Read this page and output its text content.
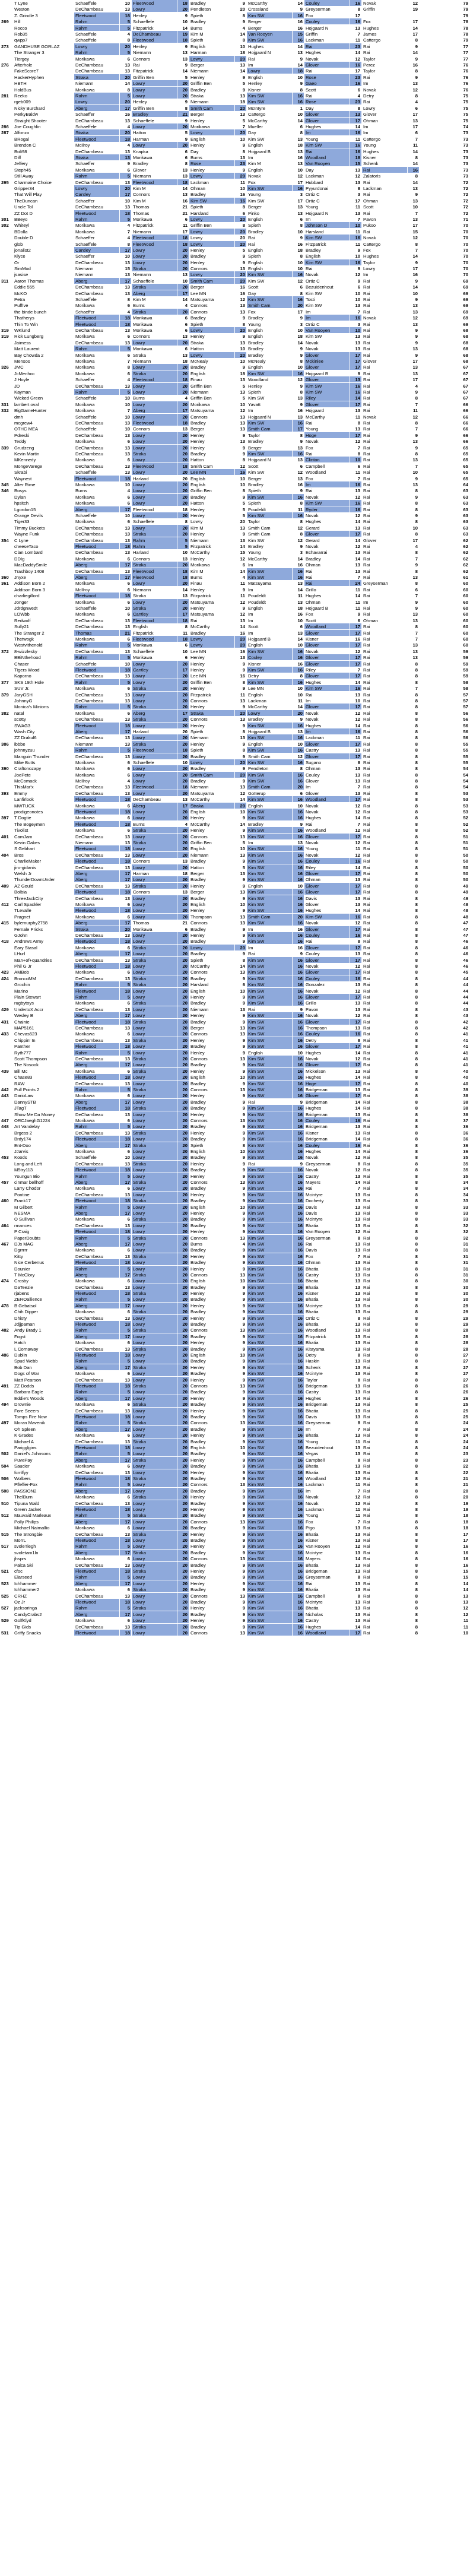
T Lyne	Schaeffele	10 Fleetwood	18 Bradley	9 McCarthy	14 Couley	16 Novak	12	79
Weston	DeChambeau	13 Lowry	20 Pendleton	20 Crossland	9 Greyserman	8 Griffin	19	79
Z. Grindle 3	Fleetwood	18 Henley	9 Spieth	8 Kim SW	16 Fox	17	79
269	Hill	Rahm	5 Schaeffele	10 Bradley	9 Berger	16 Couley	16 Fox	17	78
Rocco	Rahm	5 Fitzpatrick	14 Burns	4 Berger	16 Hojgaard N	13 Hughes	14	78
Rob35	Schaeffele	4 DeChambeau	19 Kim M	14 Van Rooyen	15 Griffin	7 James	17	78
qwpp7	Schaeffele	8 Fleetwood	18 Spieth	8 Kim SW	16 Lackman	11 Cattergo	8	79
273	GANDHUSE GORLAZ	Lowry	20 Henley	9 English	10 Hughes	14 Rai	23 Rai	9	77
The Stranger 3	Rahm	5 Niemann	13 Harman	18 Hojgaard N	13 Hughes	14 Rai	14	77
Tiergey	Morikawa	6 Connors	13 Lowry	20 Rai	9 Novak	12 Taylor	9	77
276	Afterhole	DeChambeau	13 Rai	9 Berger	13 Im	14 Glover	16 Perez	16	76
FakeScore7	DeChambeau	13 Fitzpatrick	14 Niemann	14 Lowry	18 Rai	17 Taylor	8	76
HackerHyphen	Straka	20 Griffin Ben	5 Henley	9 English	10 Rose	23 Rai	9	76
HBTH	Niemann	14 Lowry	20 Griffin Ben	5 Henley	9 Gaeo	16 Im	13	76
HoldBus	Morikawa	8 Lowry	20 Bradley	9 Kisner	8 Scott	6 Novak	12	76
281	Reeko	Rahm	5 Lowry	20 Straka	13 Kim SW	16 Rai	4 Detry	8	75
rgeb009	Lowry	20 Henley	9 Niemann	18 Kim SW	16 Rose	23 Rai	4	75
Nicky Burchard	Aberg	17 Griffin Ben	8 Smith Cam	20 McIntyre	1 Day	8 Lowry	6	75
PerkyBaldw	Schaeffer	16 Bradley	21 Berger	13 Cattergo	10 Glover	13 Glover	17	75
Straight Shooter	DeChambeau	13 Schaeffele	9 Henley	5 McCarthy	14 Glover	17 Ohman	13	75
286	Joe Coughlin	Schaeffele	4 Lowry	20 Morikawa	7 Mueller	6 Hughes	14 Im	17	74
287	Alfonzo	Straka	20 Hatton	5 Lowry	20 Day	8 Im	16 Im	6	73
BRogal	Fleetwood	18 Harman	9 English	10 Kim SW	13 Young	11 Cattergo	7	73
Brendon C	McIlroy	4 Lowry	20 Henley	9 English	18 Kim SW	16 Young	11	73
Bolt98	DeChambeau	13 Knapka	6 Day	8 Hojgaard B	13 Rai	16 Hughes	14	73
Diff	Straka	13 Morikawa	6 Burns	13 Im	16 Woodland	18 Kisner	8	73
Jeffery	Schaeffer	9 Bradley	8 Rose	23 Kim M	13 Van Rooyen	15 Schenk	14	73
Steph45	Morikawa	6 Glover	13 Henley	9 English	10 Day	13 Rai	16	73
Still Away	Rahm	5 Niemann	13 Lowry	20 Novak	12 Lackman	12 Zalatoris	8	73
295	Charmaine Choice	DeChambeau	13 Fleetwood	18 Lackman	11 Fox	17 Hubbard	13 Rai	14	72
Gripper34	Lowry	20 Kim M	14 Ohman	10 Kim SW	16 Pyyurdonai	8 Lackman	13	72
That Will Play	Cantley	17 Connors	13 Bradley	16 Young	3 Ortiz C	3 Rai	9	72
TheDuncan	Schaeffer	10 Kim M	16 Kim SW	16 Kim SW	17 Ortiz C	17 Ohman	13	72
Uncle Tol	DeChambeau	13 Thomas	21 Spieth	8 Berger	13 Young	11 Scott	10	72
ZZ Dot D	Fleetwood	18 Thomas	21 Harsland	6 Pinko	13 Hojgaard N	13 Rai	7	72
301	BBeyo	Rahm	5 Morikawa	6 Lowry	20 English	6 Im	7 Pavon	13	71
302	Whiteyl	Morikawa	4 Fitzpatrick	11 Griffin Ben	8 Spieth	8 Johnson D	10 Pukso	17	70
BDolla	Morikawa	7 Niemann	17 Lowry	20 Bradley	10 Harsland	11 Rai	15	70
Double D	Schaeffer	4 Fleetwood	18 Lowry	20 Rai	9 Kim SW	16 Novak	12	70
glob	Schaeffele	8 Fleetwood	18 Lowry	20 Rai	16 Fitzpatrick	11 Cattergo	8	70
jonalist2	Cantley	17 Lowry	20 Henley	5 English	18 Bradley	9 Fox	7	70
Klyce	Schaeffer	10 Lowry	20 Bradley	9 Spieth	8 English	10 Hughes	14	70
Or	DeChambeau	13 Lowry	20 Henley	9 English	10 Kim SW	16 Taylor	9	70
SimMod	Niemann	15 Straka	20 Connors	13 English	10 Rai	9 Lowry	17	70
jsasise	Niemann	13 Niemann	13 Lowry	20 Kim SW	16 Novak	12 Im	16	70
311	Aaron Thomas	Aberg	17 Schaeffele	10 Smith Cam	20 Kim SW	12 Ortiz C	9 Rai	9	69
Eddie 555	DeChambeau	13 Straka	20 Berger	16 Scott	6 Bezuidenhout	6 Rai	14	69
McKO	DeChambeau	13 Aberg	17 Lee MN	16 Day	8 Kim SW	10 Rai	10	69
Petra	Schaeffele	8 Kim M	14 Matsuyama	12 Kim SW	16 Tosti	10 Rai	9	69
PuffIve	Morikawa	6 Burns	4 Connors	13 Smith Cam	20 Kim SW	13 Rai	13	69
the binde bunch	Schaeffer	4 Straka	20 Connors	13 Fox	17 Im	7 Rai	13	69
Thatherys	Fleetwood	18 Morikawa	6 Bradley	9 Bradley	9 Im	16 Novak	12	69
Thin To Win	Fleetwood	18 Morikawa	6 Spieth	8 Young	3 Ortiz C	3 Rai	13	69
319	WKlund	DeChambeau	13 Morikawa	6 Lowry	20 English	10 Van Rooyen	10 Rai	9	68
319	Rick Lungberg	Morikawa	6 Connors	13 Henley	9 English	18 Kim SW	13 Rai	9	68
Jaimess	DeChambeau	13 Lowry	20 Straka	13 Bradley	14 Novak	13 Rai	9	68
Matt Laurent	Rahm	5 Morikawa	6 Hatton	10 Bradley	9 Novak	13 Rai	13	68
Bay Chowda 2	Morikawa	6 Straka	13 Lowry	20 Bradley	9 Glover	17 Rai	9	68
Mensos	Morikawa	7 Niemann	18 McNealy	10 McNealy	8 Mckinlee	17 Glover	17	68
326	JMC	Morikawa	8 Lowry	20 Bradley	9 English	10 Glover	17 Rai	13	67
JcMenhoc	Morikawa	6 Straka	20 English	18 Kim SW	16 Hojgaard B	9 Rai	13	67
J Hoyle	Schaeffer	4 Fleetwood	18 Finau	13 Woodland	12 Glover	13 Rai	17	67
JD	DeChambeau	13 Lowry	20 Griffin Ben	5 Henley	9 Kim SW	16 Rai	4	67
Kayman	Rahm	5 Lowry	20 Niemann	13 Spieth	8 Kim SW	16 Rai	9	67
Wicked Green	Schaeffele	10 Burns	4 Griffin Ben	5 Kim SW	13 Riley	14 Rai	8	67
331	lambert oval	Morikawa	10 Lowry	20 Morikawa	10 Yavatt	9 Glover	17 Rai	7	66
332	BigGameHunter	Morikawa	7 Aberg	17 Matsuyama	12 Im	16 Hojgaard	13 Rai	11	66
dmh	Schaeffele	10 Lowry	20 Connors	13 Hojgaard N	13 McCarthy	11 Novak	12	66
mcgrew4	DeChambeau	13 Fleetwood	18 Bradley	13 Kim SW	16 Rai	8 Rai	8	66
OTHC MEA	Schaeffele	10 Connors	13 Berger	13 Smith Cam	17 Young	13 Rai	7	66
Pdreski	DeChambeau	13 Lowry	20 Henley	9 Taylor	8 Hoge	17 Rai	9	66
Teddy	Morikawa	6 Lowry	20 Henley	13 Bradley	9 Novak	12 Rai	13	66
339	Grudzeng	DeChambeau	13 Lowry	20 Henley	9 Berger	13 Fox	7 Rai	9	65
Kevin Martin	DeChambeau	13 Straka	20 Bradley	9 Kim SW	16 Rai	8 Rai	8	65
MKennedy	Morikawa	6 Lowry	20 Hatton	8 Hojgaard N	13 Clinton	10 Rai	13	65
MongeVarege	DeChambeau	13 Fleetwood	18 Smith Cam	12 Scott	6 Campbell	6 Rai	7	65
Skrabi	Schaeffele	13 Lowry	20 Lee MN	16 Kim SW	12 Woodland	11 Rai	10	65
Waynest	Fleetwood	18 Harland	20 English	10 Berger	13 Fox	7 Rai	9	65
345	Alter Rime	Morikawa	10 Lowry	20 English	10 Bradley	16 Im	16 Rai	13	64
346	Bosys	Burns	4 Lowry	20 Griffin Ben	8 Spieth	9 Rai	13 Rai	8	63
Dylan	Morikawa	6 Lowry	20 Bradley	9 Kim SW	16 Novak	12 Rai	9	63
hpsitch	Morikawa	6 Lowry	20 Hatton	5 Spieth	8 Kim SW	16 Rai	8	63
Lgordon15	Aberg	17 Fleetwood	18 Henley	5 Poudeldt	11 Ryder	16 Rai	8	63
Orange Devils	Schaeffele	10 Lowry	20 Henley	5 Kim SW	16 Novak	12 Rai	9	63
Tiger33	Morikawa	6 Schaeffele	8 Lowry	20 Taylor	8 Hughes	14 Rai	8	63
Timmy Buckets	DeChambeau	13 Lowry	20 Kim M	13 Smith Cam	12 Gerard	13 Rai	10	63
Wayne Funk	DeChambeau	13 Straka	20 Henley	9 Smith Cam	8 Glover	17 Rai	8	63
354	C Lyne	DeChambeau	13 Rahm	5 Niemann	13 Kim SW	12 Gerard	14 Glover	17	62
cheeseTaco	Fleetwood	18 Rahm	5 Fitzpatrick	14 Bradley	9 Novak	12 Rai	4	62
Clan Lombard	DeChambeau	13 Harland	10 McCarthy	15 Young	3 Echavarrai	13 Rai	8	62
DDIg	Morikawa	6 Connors	13 Henley	12 McCarthy	14 Bradley	14 Rai	7	62
MacDaddySmile	Aberg	17 Straka	20 Morikawa	6 Im	16 Ohman	13 Rai	9	62
Trashboy 1408	DeChambeau	13 Fleetwood	18 Kim M	14 Kim SW	16 Rai	13 Rai	8	62
360	Jnyxe	Aberg	17 Fleetwood	18 Burns	4 Kim SW	16 Rai	7 Rai	13	61
361	Addison Born 2	Morikawa	6 Lowry	20 Finau	11 Matsuyama	13 Rai	24 Greyserman	8	60
Addison Born 3	McIlroy	6 Niemann	14 Henley	9 Im	14 Grillo	11 Rai	6	60
charliegillord	Fleetwood	18 Straka	13 Fitzpatrick	11 Poudeldt	11 Hughes	14 Rai	7	60
Jonger	Morikawa	6 Lowry	20 Matsuyama	12 Poudeldt	13 Ohman	11 Im	9	60
Jdrdgnwedt	Schaeffele	10 Straka	20 Henley	9 English	18 Hojgaard B	11 Rai	9	60
LOWbb	Morikawa	6 Cantley	17 Matsuyama	12 Im	16 Fox	9 Rai	13	60
Redwolf	DeChambeau	13 Fleetwood	18 Rai	13 Im	10 Scott	6 Ohman	13	60
Sully21	DeChambeau	13 English	8 McCarthy	14 Scott	6 Woodland	17 Rai	8	60
The Stranger 2	Thomas	21 Fitzpatrick	11 Bradley	16 Im	13 Glover	17 Rai	7	60
Thetwogk	Morikawa	6 Fleetwood	18 Lowry	20 Hojgaard B	14 Kisner	16 Rai	7	60
Westvithenold	Rahm	5 Morikawa	6 Lowry	20 English	10 Glover	17 Rai	13	60
372	8-wizzlesky	DeChambeau	13 Schaeffele	10 Lee MN	16 Kim SW	16 Novak	12 Rai	13	59
BBiNthehood	Rahm	5 Morikawa	6 Henley	13 Couley	16 Glover	17 Rai	13	59
Chaser	Schaeffele	10 Lowry	20 Henley	9 Kisner	16 Glover	17 Rai	8	59
Tigers Wood	Fleetwood	18 Cantley	17 Henley	9 Kim SW	16 Riley	7 Rai	8	59
Kaporno	DeChambeau	13 Lowry	20 Lee MN	16 Detry	8 Glover	17 Rai	8	59
377	SKS 19th Hole	Rahm	5 Lowry	20 Griffin Ben	8 Kim SW	16 Hughes	14 Rai	8	58
SUV Jr.	Morikawa	6 Straka	20 Henley	9 Lee MN	10 Kim SW	16 Rai	7	58
379	JaryGSH	DeChambeau	13 Lowry	20 Fitzpatrick	11 English	10 Rai	13 Rai	8	57
JohnnyG	DeChambeau	13 Lowry	20 Connors	13 Lackman	11 Im	10 Rai	8	57
Monica's Minions	Rahm	5 Straka	20 Henley	9 McCarthy	14 Glover	17 Rai	8	57
382	natal	Morikawa	6 Aberg	17 Straka	20 Lowry	20 Novak	12 Rai	8	56
scotty	DeChambeau	13 Straka	20 Connors	13 Bradley	9 Novak	12 Rai	8	56
SWAG3	Fleetwood	18 Lowry	20 Henley	9 Kim SW	16 Hughes	14 Rai	8	56
Wash City	Aberg	17 Harland	20 Spieth	8 Hojgaard B	13 Im	16 Rai	8	56
ZZ Drakul6	DeChambeau	13 Lowry	20 Niemann	13 Kim SW	16 Lackman	11 Rai	8	56
386	ibbbe	Niemann	13 Straka	20 Henley	9 English	10 Glover	17 Rai	8	55
johnnyzuu	Rahm	5 Fleetwood	18 Spieth	8 Kim SW	16 Castry	13 Rai	8	55
Manguin Thunder	DeChambeau	13 Lowry	20 Bradley	9 Smith Cam	12 Glover	17 Rai	8	55
Mike Butts	Morikawa	6 Schaeffele	10 Lowry	20 Kim SW	16 Sugano	8 Rai	8	55
390	Craftonozapy	Morikawa	6 Lowry	20 Bradley	9 Pendleton	8 Ohman	13 Rai	8	54
JoePete	Morikawa	6 Lowry	20 Smith Cam	20 Kim SW	16 Couley	13 Rai	8	54
McComack	McIlroy	4 Lowry	20 Bradley	9 Kim SW	16 Glover	13 Rai	8	54
ThisMar'x	DeChambeau	13 Fleetwood	18 Niemann	13 Smith Cam	20 Im	7 Rai	8	54
393	Emmy	DeChambeau	13 Lowry	20 Matsuyama	12 Gotterup	6 Glover	13 Rai	8	53
Lanfirlook	Fleetwood	18 DeChambeau	13 McCarthy	14 Kim SW	16 Woodland	17 Rai	8	53
MWTUCK	Morikawa	6 Aberg	17 Straka	20 English	10 Novak	12 Rai	8	53
prodigeonotes	Fleetwood	18 Lowry	20 English	10 Kim SW	16 Novak	12 Rai	8	53
397	T Dogtie	Morikawa	6 Lowry	20 Henley	9 Kim SW	16 Hughes	14 Rai	8	52
The Bogeymen	Fleetwood	18 Burns	4 McCarthy	14 Bradley	9 Rai	7 Rai	8	52
Tivolist	Morikawa	6 Straka	20 Henley	9 Kim SW	16 Woodland	12 Rai	8	52
401	CamJam	DeChambeau	13 Lowry	20 Connors	13 Kim SW	16 Glover	17 Rai	8	51
Kevin Oakes	Niemann	13 Straka	20 Griffin Ben	5 Im	13 Novak	12 Rai	8	51
S Gebhart	Fleetwood	18 Lowry	20 English	10 Kim SW	16 Young	11 Rai	8	51
404	Bros	DeChambeau	13 Lowry	20 Niemann	13 Kim SW	16 Novak	12 Rai	8	50
CharlieMaker	Fleetwood	18 Connors	13 Bradley	9 Kim SW	16 Couley	16 Rai	8	50
jiro-gidanis	DeChambeau	13 Lowry	20 Hatton	5 Kim SW	16 Riley	14 Rai	8	50
Welsh Jr	Aberg	17 Harman	18 Berger	13 Kim SW	16 Glover	17 Rai	8	50
ThunderDownUnder	Aberg	17 Lowry	20 Bradley	9 Kim SW	16 Ohman	13 Rai	8	50
409	AZ Gould	DeChambeau	13 Straka	20 Henley	9 English	10 Glover	17 Rai	8	49
Bolbia	Fleetwood	18 Connors	13 Berger	13 Kim SW	16 Glover	17 Rai	8	49
ThreeJackCity	DeChambeau	13 Lowry	20 Bradley	9 Kim SW	16 Davis	13 Rai	8	49
412	Carl Spackler	Morikawa	6 Lowry	20 English	10 Kim SW	16 Glover	13 Rai	8	48
TLevalle	Fleetwood	18 Lowry	20 Henley	9 Kim SW	16 Hughes	14 Rai	8	48
Pragnet	Morikawa	6 Lowry	20 Thompson	13 Smith Cam	20 Kim SW	16 Rai	8	48
415	bylemurphy2758	Aberg	17 Thomas	21 Connors	13 Kim SW	16 Novak	12 Rai	8	47
Female Pricks	Straka	20 Morikawa	6 Bradley	9 Im	16 Glover	17 Rai	8	47
GJohn	DeChambeau	13 Lowry	20 Henley	9 Kim SW	16 Couley	16 Rai	8	47
418	Andrews Army	Fleetwood	18 Lowry	20 Bradley	9 Kim SW	16 Rai	8 Rai	8	46
Eary Stasal	Morikawa	6 Straka	20 Lowry	20 Im	16 Glover	17 Rai	8	46
LHurl	Aberg	17 Lowry	20 Bradley	9 Rai	9 Couley	13 Rai	8	46
Man+of+quandries	DeChambeau	13 Straka	20 Spieth	8 Kim SW	16 Glover	17 Rai	8	46
Phil G Jr	Fleetwood	18 Lowry	20 McCarthy	14 Kim SW	16 Novak	12 Rai	8	46
423	AMBob	Morikawa	6 Lowry	20 Connors	13 Kim SW	16 Glover	17 Rai	8	45
424	BroncoMM	DeChambeau	13 Straka	20 Bradley	9 Kim SW	16 Couley	16 Rai	8	44
Grochin	Rahm	5 Straka	20 Harsland	6 Kim SW	16 Gonzalez	13 Rai	8	44
Marino	Fleetwood	18 Lowry	20 English	10 Kim SW	16 Novak	12 Rai	8	44
Plain Stewart	Rahm	5 Lowry	20 Henley	9 Kim SW	16 Glover	17 Rai	8	44
rugbytoys	Morikawa	6 Straka	20 Bradley	9 Kim SW	16 Grillo	13 Rai	8	44
429	UndertoX Accr	DeChambeau	13 Lowry	20 Niemann	13 Rai	9 Pavon	13 Rai	8	43
Wesley B	Aberg	17 Lowry	20 Henley	9 Kim SW	16 Novak	12 Rai	8	43
431	Chainie	Fleetwood	18 Straka	20 Bradley	9 Kim SW	16 Glover	17 Rai	8	42
MAP5161	DeChambeau	13 Lowry	20 Berger	13 Kim SW	16 Thompson	13 Rai	8	42
433	Chevas623	Morikawa	6 Lowry	20 Connors	13 Kim SW	16 Couley	16 Rai	8	41
Chippin' In	DeChambeau	13 Straka	20 Henley	9 Kim SW	16 Detry	8 Rai	8	41
Panther	Fleetwood	18 Lowry	20 Bradley	9 Kim SW	16 Glover	17 Rai	8	41
Ryth777	Rahm	5 Lowry	20 Henley	9 English	10 Hughes	14 Rai	8	41
Scott Thompson	DeChambeau	13 Straka	20 Connors	13 Kim SW	16 Novak	12 Rai	8	41
The Nosook	Aberg	17 Lowry	20 Bradley	9 Kim SW	16 Glover	17 Rai	8	41
439	Bill Mc	Morikawa	6 Straka	20 Henley	9 Kim SW	16 Mickelson	13 Rai	8	40
Chase83	Fleetwood	18 Lowry	20 English	10 Kim SW	16 Hughes	14 Rai	8	40
RAW	DeChambeau	13 Lowry	20 Bradley	9 Kim SW	16 Hoge	17 Rai	8	40
442	Pull Points 2	Rahm	5 Straka	20 Connors	13 Kim SW	16 Bridgeman	13 Rai	8	39
443	DarioLaw	Morikawa	6 Lowry	20 Henley	9 Kim SW	16 Glover	17 Rai	8	38
DannySTB	Aberg	17 Lowry	20 Bradley	9 Rai	9 Bridgeman	14 Rai	8	38
JTagT	Fleetwood	18 Straka	20 Bradley	9 Kim SW	16 Hughes	14 Rai	8	38
Show Me Da Money	DeChambeau	13 Lowry	20 Henley	9 Kim SW	16 Bridgeman	13 Rai	8	38
447	ORCJaeghG1224	Morikawa	6 Lowry	20 Connors	13 Kim SW	16 Couley	16 Rai	8	37
448	Art Vandelay	Rahm	5 Lowry	20 Bradley	9 Kim SW	16 Bridgeman	13 Rai	8	36
Brgess 2	DeChambeau	13 Straka	20 Henley	9 Kim SW	16 Kisner	13 Rai	8	36
Brdy174	Fleetwood	18 Lowry	20 Bradley	9 Kim SW	16 Bridgeman	14 Rai	8	36
Ent-Doo	Aberg	17 Straka	20 Spieth	8 Kim SW	16 Couley	16 Rai	8	36
JJarvis	Morikawa	6 Lowry	20 English	10 Kim SW	16 Hughes	14 Rai	8	36
453	Koods	Schaeffele	10 Lowry	20 Bradley	9 Kim SW	16 Novak	12 Rai	8	35
Long and Left	DeChambeau	13 Straka	20 Henley	9 Rai	9 Greyserman	8 Rai	8	35
M5try113	Fleetwood	18 Lowry	20 Bradley	9 Kim SW	16 Novak	12 Rai	8	35
Youngun Bio	Rahm	5 Lowry	20 Henley	9 Kim SW	16 Castry	13 Rai	8	35
457	cinmar bellhoff	Aberg	17 Straka	20 Connors	13 Kim SW	16 Mayers	14 Rai	8	34
Larry Chodor	Morikawa	6 Lowry	20 Bradley	9 Kim SW	16 Rai	7 Rai	8	34
Pontine	DeChambeau	13 Lowry	20 Henley	9 Kim SW	16 Mcintyre	13 Rai	8	34
460	Frank17	Fleetwood	18 Straka	20 Bradley	9 Kim SW	16 Docherty	13 Rai	8	33
M Gilbert	Rahm	5 Lowry	20 English	10 Kim SW	16 Davis	13 Rai	8	33
NESMA	Aberg	17 Lowry	20 Henley	9 Kim SW	16 Davis	13 Rai	8	33
O Sullivan	Morikawa	6 Straka	20 Bradley	9 Kim SW	16 Mcintyre	13 Rai	8	33
464	rmances	DeChambeau	13 Lowry	20 Bradley	9 Kim SW	16 Bhatia	13 Rai	8	32
P Craig	Fleetwood	18 Lowry	20 Henley	9 Kim SW	16 Van Rooyen	12 Rai	8	32
PaperDoubts	Rahm	5 Straka	20 Connors	13 Kim SW	16 Greyserman	8 Rai	8	32
467	DJs MAG	Aberg	17 Lowry	20 Burns	4 Kim SW	16 Rai	13 Rai	8	31
Dgrrrrr	Morikawa	6 Lowry	20 Bradley	9 Kim SW	16 Davis	13 Rai	8	31
Kitty	DeChambeau	13 Straka	20 Henley	9 Kim SW	16 Fox	7 Rai	8	31
Nice Cerbenus	Fleetwood	18 Lowry	20 Bradley	9 Kim SW	16 Ohman	13 Rai	8	31
Dounier	Rahm	5 Lowry	20 Henley	9 Kim SW	16 Bhatia	13 Rai	8	31
T McClory	Aberg	17 Straka	20 Connors	13 Kim SW	16 Castry	13 Rai	8	31
474	Crosby	Morikawa	6 Lowry	20 English	10 Kim SW	16 Bhatia	13 Rai	8	30
DaTeezie	DeChambeau	13 Lowry	20 Bradley	9 Kim SW	16 Bhatia	13 Rai	8	30
rjabens	Fleetwood	18 Straka	20 Henley	9 Kim SW	16 Kisner	13 Rai	8	30
ZEROallience	Rahm	5 Lowry	20 Bradley	9 Kim SW	16 Bhatia	13 Rai	8	30
478	B Gebatsol	Aberg	17 Lowry	20 Henley	9 Kim SW	16 Mcintyre	13 Rai	8	29
Chih Dipper	Morikawa	6 Straka	20 Bradley	9 Kim SW	16 Bhatia	13 Rai	8	29
Dhisty	DeChambeau	13 Lowry	20 Henley	9 Kim SW	16 Ortiz C	8 Rai	8	29
Jdjjpaman	Fleetwood	18 Lowry	20 Bradley	9 Kim SW	16 Bhatia	13 Rai	8	29
482	Andy Brady 1	Rahm	5 Straka	20 Connors	13 Kim SW	16 Woodland	13 Rai	8	28
Fogst	Aberg	17 Lowry	20 Bradley	9 Kim SW	16 Fitzpatrick	13 Rai	8	28
Hatch	Morikawa	6 Lowry	20 Henley	9 Kim SW	16 Bhatia	13 Rai	8	28
L Cornaway	DeChambeau	13 Straka	20 Bradley	9 Kim SW	16 Kitayama	13 Rai	8	28
486	Dublin	Fleetwood	18 Lowry	20 English	10 Kim SW	16 Detry	8 Rai	8	27
Spud Webb	Rahm	5 Lowry	20 Bradley	9 Kim SW	16 Haskin	13 Rai	8	27
Bob Dan	Aberg	17 Straka	20 Henley	9 Kim SW	16 Schenk	13 Rai	8	27
Dogs of War	Morikawa	6 Lowry	20 Bradley	9 Kim SW	16 Mcintyre	13 Rai	8	27
Matt Pearson	DeChambeau	13 Lowry	20 Henley	9 Kim SW	16 Taylor	8 Rai	8	27
491	ZZ Dodds	Fleetwood	18 Straka	20 Connors	13 Kim SW	16 Bridgeman	13 Rai	8	26
Barbara Eagle	Rahm	5 Lowry	20 Bradley	9 Kim SW	16 Castry	13 Rai	8	26
Eddie's Woods	Aberg	17 Lowry	20 Henley	9 Kim SW	16 Hughes	14 Rai	8	26
494	Drownie	Morikawa	6 Straka	20 Bradley	9 Kim SW	16 Bridgeman	13 Rai	8	25
Fore Seeers	DeChambeau	13 Lowry	20 Henley	9 Kim SW	16 Bhatia	13 Rai	8	25
Tomps Fire Now	Fleetwood	18 Lowry	20 Bradley	9 Kim SW	16 Davis	13 Rai	8	25
497	Moran Mavenik	Rahm	5 Straka	20 Connors	13 Kim SW	16 Greyserman	8 Rai	8	24
Oh Spleen	Aberg	17 Lowry	20 Bradley	9 Kim SW	16 Im	7 Rai	8	24
K Grades	Morikawa	6 Lowry	20 Henley	9 Kim SW	16 Bhatia	13 Rai	8	24
Michael A	DeChambeau	13 Straka	20 Bradley	9 Kim SW	16 Young	11 Rai	8	24
Parigglgins	Fleetwood	18 Lowry	20 English	10 Kim SW	16 Bezuidenhout	13 Rai	8	24
502	Daniel's Johnsons	Rahm	5 Lowry	20 Bradley	9 Kim SW	16 Vegas	13 Rai	8	23
PuvePay	Aberg	17 Straka	20 Henley	9 Kim SW	16 Campbell	8 Rai	8	23
504	Saucier	Morikawa	6 Lowry	20 Bradley	9 Kim SW	16 Bhatia	13 Rai	8	22
fcmlfyy	DeChambeau	13 Lowry	20 Henley	9 Kim SW	16 Bhatia	13 Rai	8	22
506	Wolbers	Fleetwood	18 Straka	20 Bradley	9 Kim SW	16 Woodland	12 Rai	8	21
Pfleffer-Fox	Rahm	5 Lowry	20 Connors	13 Kim SW	16 Lackman	11 Rai	8	21
508	PASSION2	Aberg	17 Lowry	20 Bradley	9 Kim SW	16 Im	7 Rai	8	20
ThelBurn	Morikawa	6 Straka	20 Henley	9 Kim SW	16 Novak	12 Rai	8	20
510	Tipuna Wald	DeChambeau	13 Lowry	20 Bradley	9 Kim SW	16 Novak	12 Rai	8	19
Green Jacket	Fleetwood	18 Lowry	20 Henley	9 Kim SW	16 Lackman	11 Rai	8	19
512	Mauvaid Marleaux	Rahm	5 Straka	20 Bradley	9 Kim SW	16 Young	11 Rai	8	18
Polly Philips	Aberg	17 Lowry	20 Connors	13 Kim SW	16 Fox	7 Rai	8	18
Michael Naimallio	Morikawa	6 Lowry	20 Bradley	9 Kim SW	16 Pigo	13 Rai	8	18
515	The Strongbie	DeChambeau	13 Straka	20 Henley	9 Kim SW	16 Bhatia	13 Rai	8	17
MorrL	Fleetwood	18 Lowry	20 Bradley	9 Kim SW	16 Kisner	13 Rai	8	17
517	svoleTiegh	Rahm	5 Lowry	20 Henley	9 Kim SW	16 Van Rooyen	12 Rai	8	16
svoletam1ln	Aberg	17 Straka	20 Bradley	9 Kim SW	16 Mcintyre	13 Rai	8	16
jhsprs	Morikawa	6 Lowry	20 Connors	13 Kim SW	16 Mayers	14 Rai	8	16
Palca Ski	DeChambeau	13 Lowry	20 Bradley	9 Kim SW	16 Bhatia	13 Rai	8	16
521	cfoc	Fleetwood	18 Straka	20 Henley	9 Kim SW	16 Bridgeman	13 Rai	8	15
Elarseed	Rahm	5 Lowry	20 Bradley	9 Kim SW	16 Greyserman	8 Rai	8	15
523	Ichhammer	Aberg	17 Lowry	20 Henley	9 Kim SW	16 Rai	13 Rai	8	14
Ichhammer2	Morikawa	6 Straka	20 Bradley	9 Kim SW	16 Bhatia	13 Rai	8	14
525	CRHZ	DeChambeau	13 Lowry	20 Connors	13 Kim SW	16 Campbell	8 Rai	8	13
Oz Jr	Fleetwood	18 Lowry	20 Bradley	9 Kim SW	16 Mcintyre	13 Rai	8	13
527	jacksoringa	Rahm	5 Straka	20 Henley	9 Kim SW	16 Bhatia	13 Rai	8	12
CandyCrabs2	Aberg	17 Lowry	20 Bradley	9 Kim SW	16 Nicholas	13 Rai	8	12
529	GolfKlyd	Morikawa	6 Lowry	20 Henley	9 Kim SW	16 Castry	13 Rai	8	11
Tip Gids	DeChambeau	13 Straka	20 Bradley	9 Kim SW	16 Hughes	14 Rai	8	11
531	Griffy Snacks	Fleetwood	18 Lowry	20 Connors	13 Kim SW	16 Woodland	17 Rai	8	10
